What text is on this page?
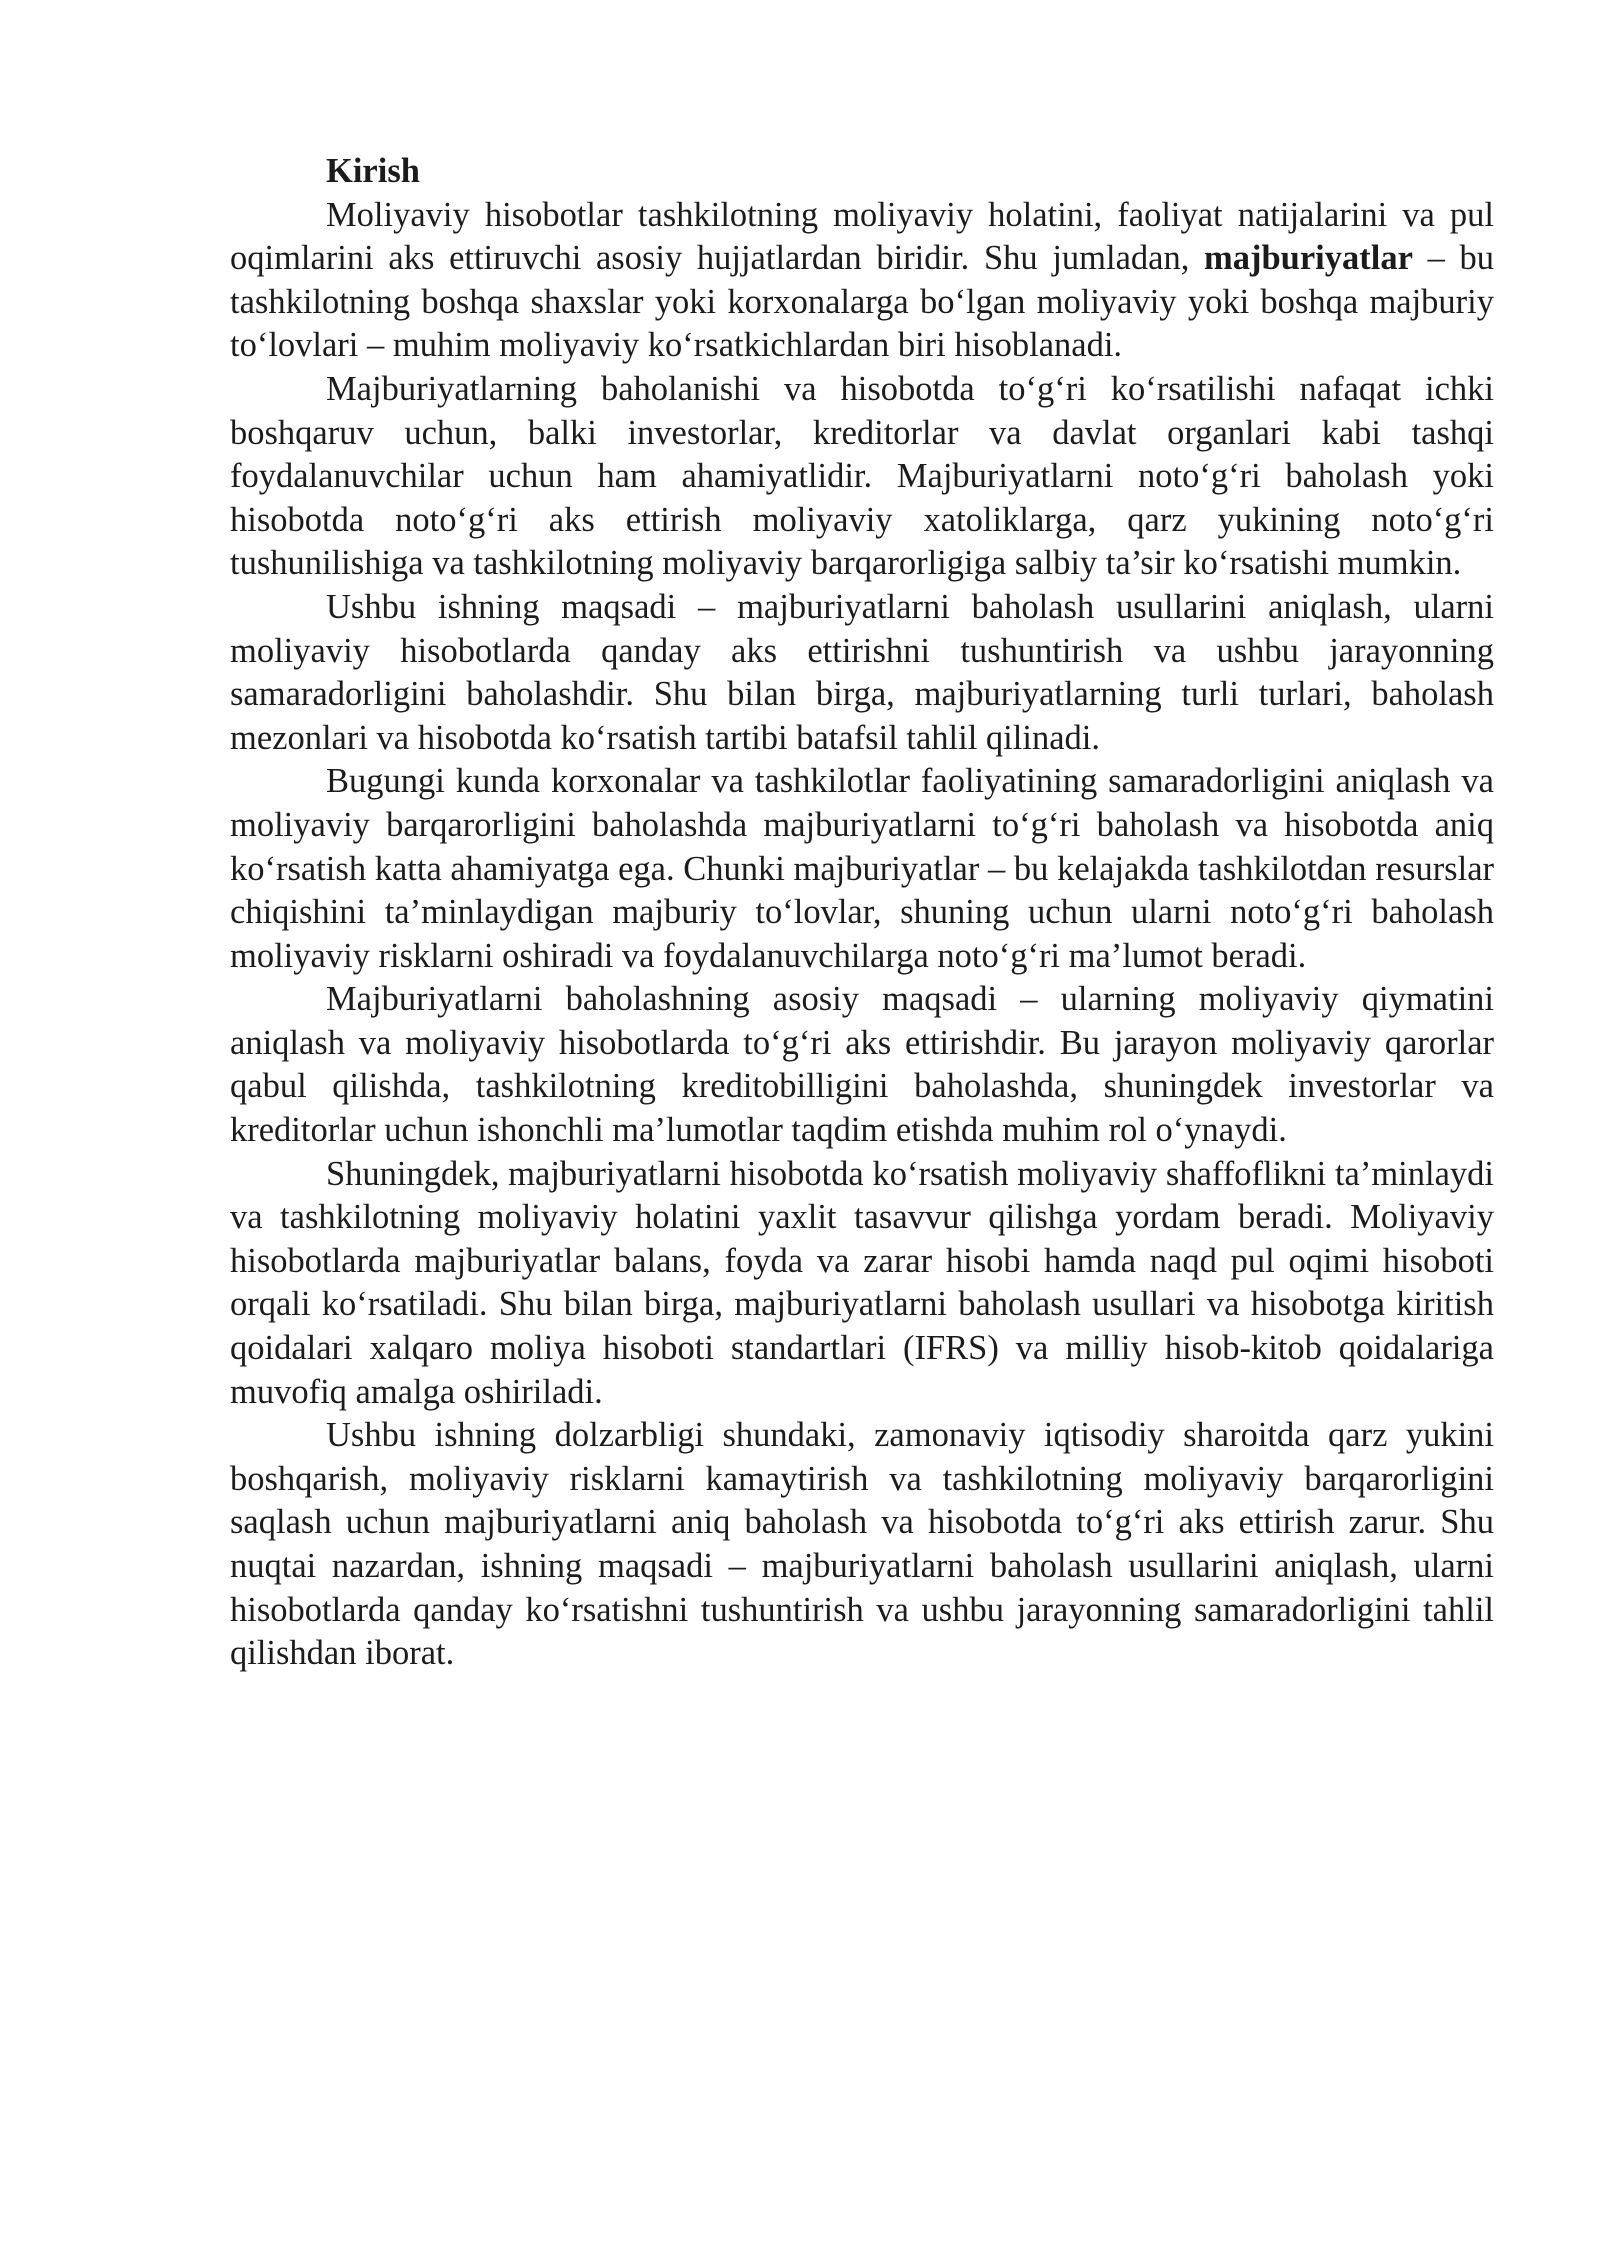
Kirish

Moliyaviy hisobotlar tashkilotning moliyaviy holatini, faoliyat natijalarini va pul oqimlarini aks ettiruvchi asosiy hujjatlardan biridir. Shu jumladan, majburiyatlar – bu tashkilotning boshqa shaxslar yoki korxonalarga bo‘lgan moliyaviy yoki boshqa majburiy to‘lovlari – muhim moliyaviy ko‘rsatkichlardan biri hisoblanadi.

Majburiyatlarning baholanishi va hisobotda to‘g‘ri ko‘rsatilishi nafaqat ichki boshqaruv uchun, balki investorlar, kreditorlar va davlat organlari kabi tashqi foydalanuvchilar uchun ham ahamiyatlidir. Majburiyatlarni noto‘g‘ri baholash yoki hisobotda noto‘g‘ri aks ettirish moliyaviy xatoliklarga, qarz yukining noto‘g‘ri tushunilishiga va tashkilotning moliyaviy barqarorligiga salbiy ta’sir ko‘rsatishi mumkin.

Ushbu ishning maqsadi – majburiyatlarni baholash usullarini aniqlash, ularni moliyaviy hisobotlarda qanday aks ettirishni tushuntirish va ushbu jarayonning samaradorligini baholashdir. Shu bilan birga, majburiyatlarning turli turlari, baholash mezonlari va hisobotda ko‘rsatish tartibi batafsil tahlil qilinadi.

Bugungi kunda korxonalar va tashkilotlar faoliyatining samaradorligini aniqlash va moliyaviy barqarorligini baholashda majburiyatlarni to‘g‘ri baholash va hisobotda aniq ko‘rsatish katta ahamiyatga ega. Chunki majburiyatlar – bu kelajakda tashkilotdan resurslar chiqishini ta’minlaydigan majburiy to‘lovlar, shuning uchun ularni noto‘g‘ri baholash moliyaviy risklarni oshiradi va foydalanuvchilarga noto‘g‘ri ma’lumot beradi.

Majburiyatlarni baholashning asosiy maqsadi – ularning moliyaviy qiymatini aniqlash va moliyaviy hisobotlarda to‘g‘ri aks ettirishdir. Bu jarayon moliyaviy qarorlar qabul qilishda, tashkilotning kreditobilligini baholashda, shuningdek investorlar va kreditorlar uchun ishonchli ma’lumotlar taqdim etishda muhim rol o‘ynaydi.

Shuningdek, majburiyatlarni hisobotda ko‘rsatish moliyaviy shaffoflikni ta’minlaydi va tashkilotning moliyaviy holatini yaxlit tasavvur qilishga yordam beradi. Moliyaviy hisobotlarda majburiyatlar balans, foyda va zarar hisobi hamda naqd pul oqimi hisoboti orqali ko‘rsatiladi. Shu bilan birga, majburiyatlarni baholash usullari va hisobotga kiritish qoidalari xalqaro moliya hisoboti standartlari (IFRS) va milliy hisob-kitob qoidalariga muvofiq amalga oshiriladi.

Ushbu ishning dolzarbligi shundaki, zamonaviy iqtisodiy sharoitda qarz yukini boshqarish, moliyaviy risklarni kamaytirish va tashkilotning moliyaviy barqarorligini saqlash uchun majburiyatlarni aniq baholash va hisobotda to‘g‘ri aks ettirish zarur. Shu nuqtai nazardan, ishning maqsadi – majburiyatlarni baholash usullarini aniqlash, ularni hisobotlarda qanday ko‘rsatishni tushuntirish va ushbu jarayonning samaradorligini tahlil qilishdan iborat.
